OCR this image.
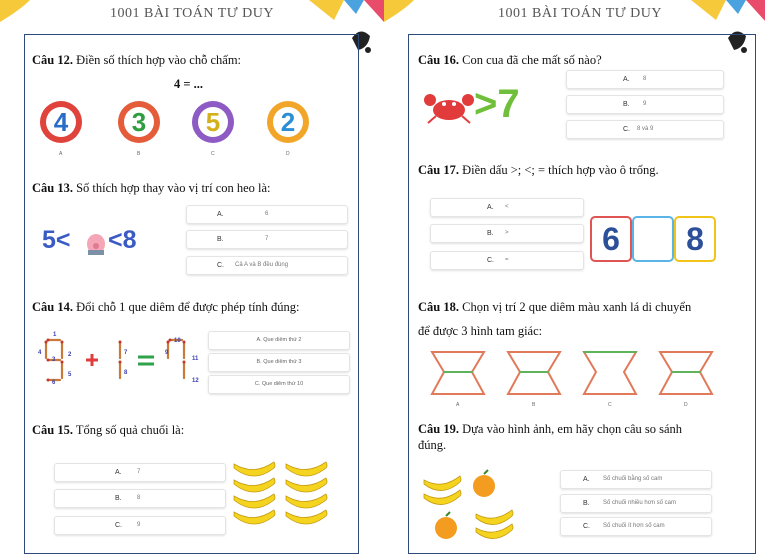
1001 BÀI TOÁN TƯ DUY
Câu 12. Điền số thích hợp vào chỗ chấm:
4 = ...
4	3	5	2
A	B	C	D
Câu 13. Số thích hợp thay vào vị trí con heo là:
5< <8
A.	6
B.	7
C. Cả A và B đều đúng
Câu 14. Đổi chỗ 1 que diêm để được phép tính đúng:
1
2
3
4
5
6
7
8
9
10
11
12
A. Que diêm thứ 2
B. Que diêm thứ 3
C. Que diêm thứ 10
Câu 15. Tổng số quả chuối là:
A.	7
B.	8
C.	9
1001 BÀI TOÁN TƯ DUY
Câu 16. Con cua đã che mất số nào?
>7
A. 8
B. 9
C. 8 và 9
Câu 17. Điền dấu >; <; = thích hợp vào ô trống.
A. <
B. >
C. =
6	8
Câu 18. Chọn vị trí 2 que diêm màu xanh lá di chuyển
để được 3 hình tam giác:
A	B	C	D
Câu 19. Dựa vào hình ảnh, em hãy chọn câu so sánh
đúng.
A. Số chuối bằng số cam
B. Số chuối nhiều hơn số cam
C. Số chuối ít hơn số cam
